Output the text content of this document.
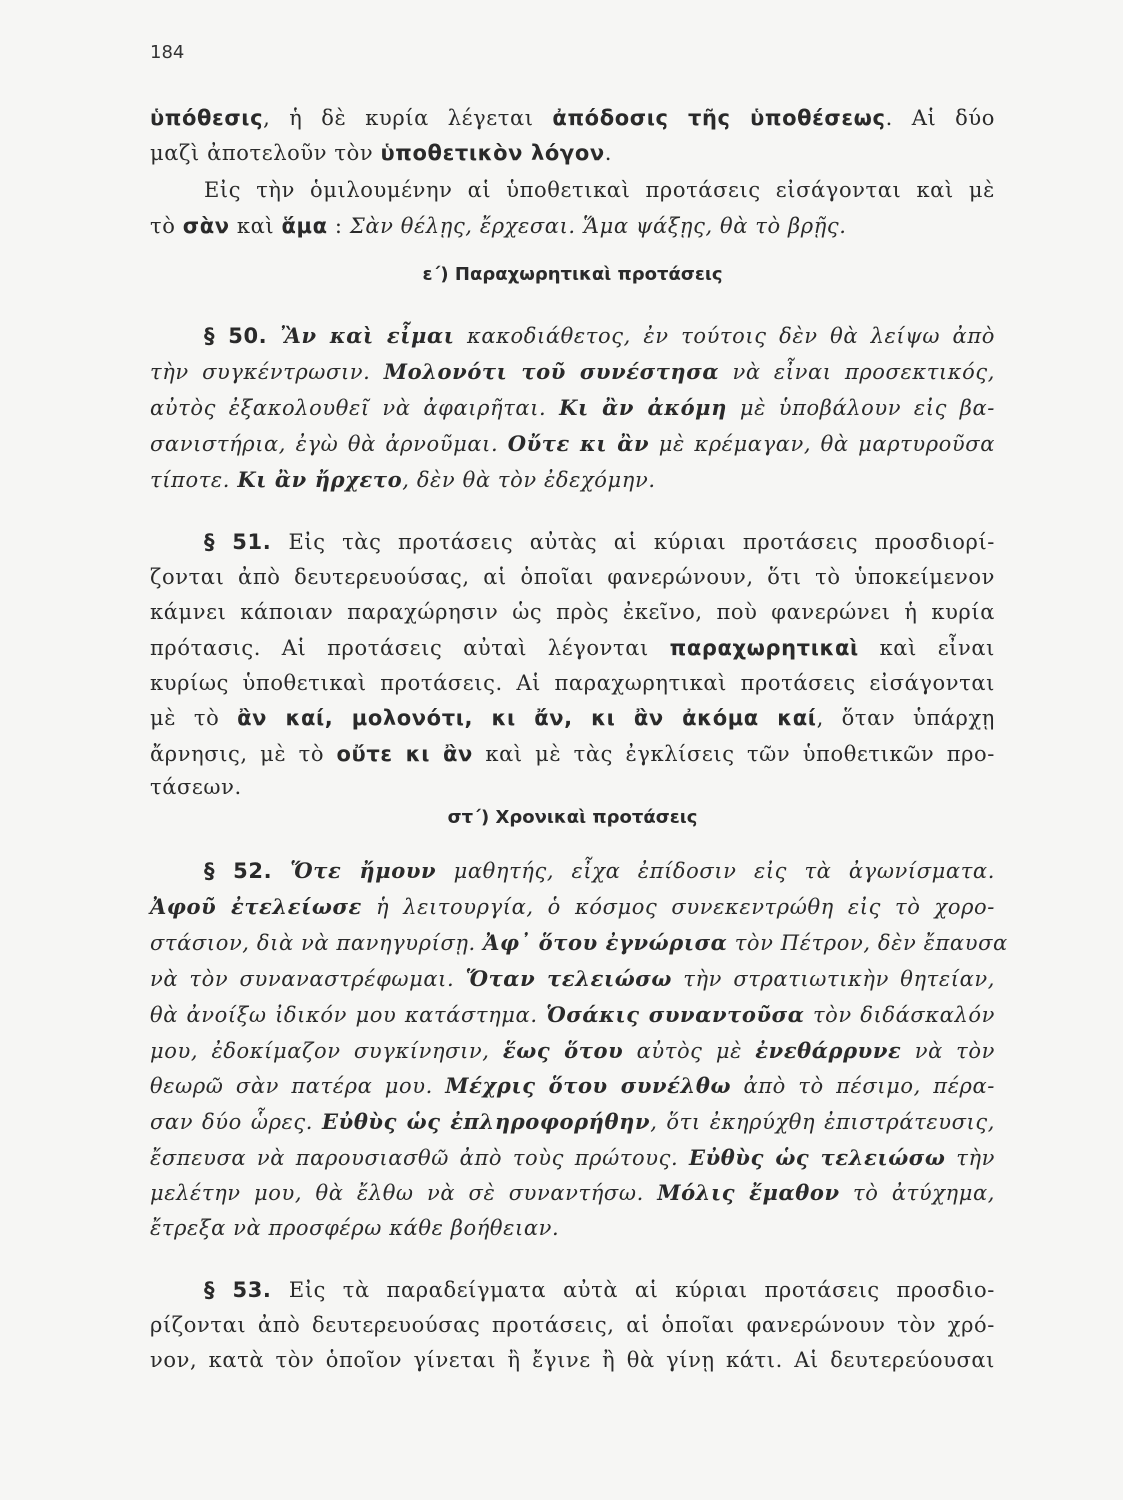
184
ὑπόθεσις, ἡ δὲ κυρία λέγεται ἀπόδοσις τῆς ὑποθέσεως. Αἱ δύο
μαζὶ ἀποτελοῦν τὸν ὑποθετικὸν λόγον.
Εἰς τὴν ὁμιλουμένην αἱ ὑποθετικαὶ προτάσεις εἰσάγονται καὶ μὲ
τὸ σὰν καὶ ἅμα : Σὰν θέλῃς, ἔρχεσαι. Ἅμα ψάξῃς, θὰ τὸ βρῇς.
ε΄) Παραχωρητικαὶ προτάσεις
§ 50. Ἂν καὶ εἶμαι κακοδιάθετος, ἐν τούτοις δὲν θὰ λείψω ἀπὸ
τὴν συγκέντρωσιν. Μολονότι τοῦ συνέστησα νὰ εἶναι προσεκτικός,
αὐτὸς ἐξακολουθεῖ νὰ ἀφαιρῆται. Κι ἂν ἀκόμη μὲ ὑποβάλουν εἰς βα-
σανιστήρια, ἐγὼ θὰ ἀρνοῦμαι. Οὔτε κι ἂν μὲ κρέμαγαν, θὰ μαρτυροῦσα
τίποτε. Κι ἂν ἤρχετο, δὲν θὰ τὸν ἐδεχόμην.
§ 51. Εἰς τὰς προτάσεις αὐτὰς αἱ κύριαι προτάσεις προσδιορί-
ζονται ἀπὸ δευτερευούσας, αἱ ὁποῖαι φανερώνουν, ὅτι τὸ ὑποκείμενον
κάμνει κάποιαν παραχώρησιν ὡς πρὸς ἐκεῖνο, ποὺ φανερώνει ἡ κυρία
πρότασις. Αἱ προτάσεις αὐταὶ λέγονται παραχωρητικαὶ καὶ εἶναι
κυρίως ὑποθετικαὶ προτάσεις. Αἱ παραχωρητικαὶ προτάσεις εἰσάγονται
μὲ τὸ ἂν καί, μολονότι, κι ἄν, κι ἂν ἀκόμα καί, ὅταν ὑπάρχῃ
ἄρνησις, μὲ τὸ οὔτε κι ἂν καὶ μὲ τὰς ἐγκλίσεις τῶν ὑποθετικῶν προ-
τάσεων.
στ΄) Χρονικαὶ προτάσεις
§ 52. Ὅτε ἤμουν μαθητής, εἶχα ἐπίδοσιν εἰς τὰ ἀγωνίσματα.
Ἀφοῦ ἐτελείωσε ἡ λειτουργία, ὁ κόσμος συνεκεντρώθη εἰς τὸ χορο-
στάσιον, διὰ νὰ πανηγυρίσῃ. Ἀφ᾿ ὅτου ἐγνώρισα τὸν Πέτρον, δὲν ἔπαυσα
νὰ τὸν συναναστρέφωμαι. Ὅταν τελειώσω τὴν στρατιωτικὴν θητείαν,
θὰ ἀνοίξω ἰδικόν μου κατάστημα. Ὁσάκις συναντοῦσα τὸν διδάσκαλόν
μου, ἐδοκίμαζον συγκίνησιν, ἕως ὅτου αὐτὸς μὲ ἐνεθάρρυνε νὰ τὸν
θεωρῶ σὰν πατέρα μου. Μέχρις ὅτου συνέλθω ἀπὸ τὸ πέσιμο, πέρα-
σαν δύο ὧρες. Εὐθὺς ὡς ἐπληροφορήθην, ὅτι ἐκηρύχθη ἐπιστράτευσις,
ἔσπευσα νὰ παρουσιασθῶ ἀπὸ τοὺς πρώτους. Εὐθὺς ὡς τελειώσω τὴν
μελέτην μου, θὰ ἔλθω νὰ σὲ συναντήσω. Μόλις ἔμαθον τὸ ἀτύχημα,
ἔτρεξα νὰ προσφέρω κάθε βοήθειαν.
§ 53. Εἰς τὰ παραδείγματα αὐτὰ αἱ κύριαι προτάσεις προσδιο-
ρίζονται ἀπὸ δευτερευούσας προτάσεις, αἱ ὁποῖαι φανερώνουν τὸν χρό-
νον, κατὰ τὸν ὁποῖον γίνεται ἢ ἔγινε ἢ θὰ γίνῃ κάτι. Αἱ δευτερεύουσαι
